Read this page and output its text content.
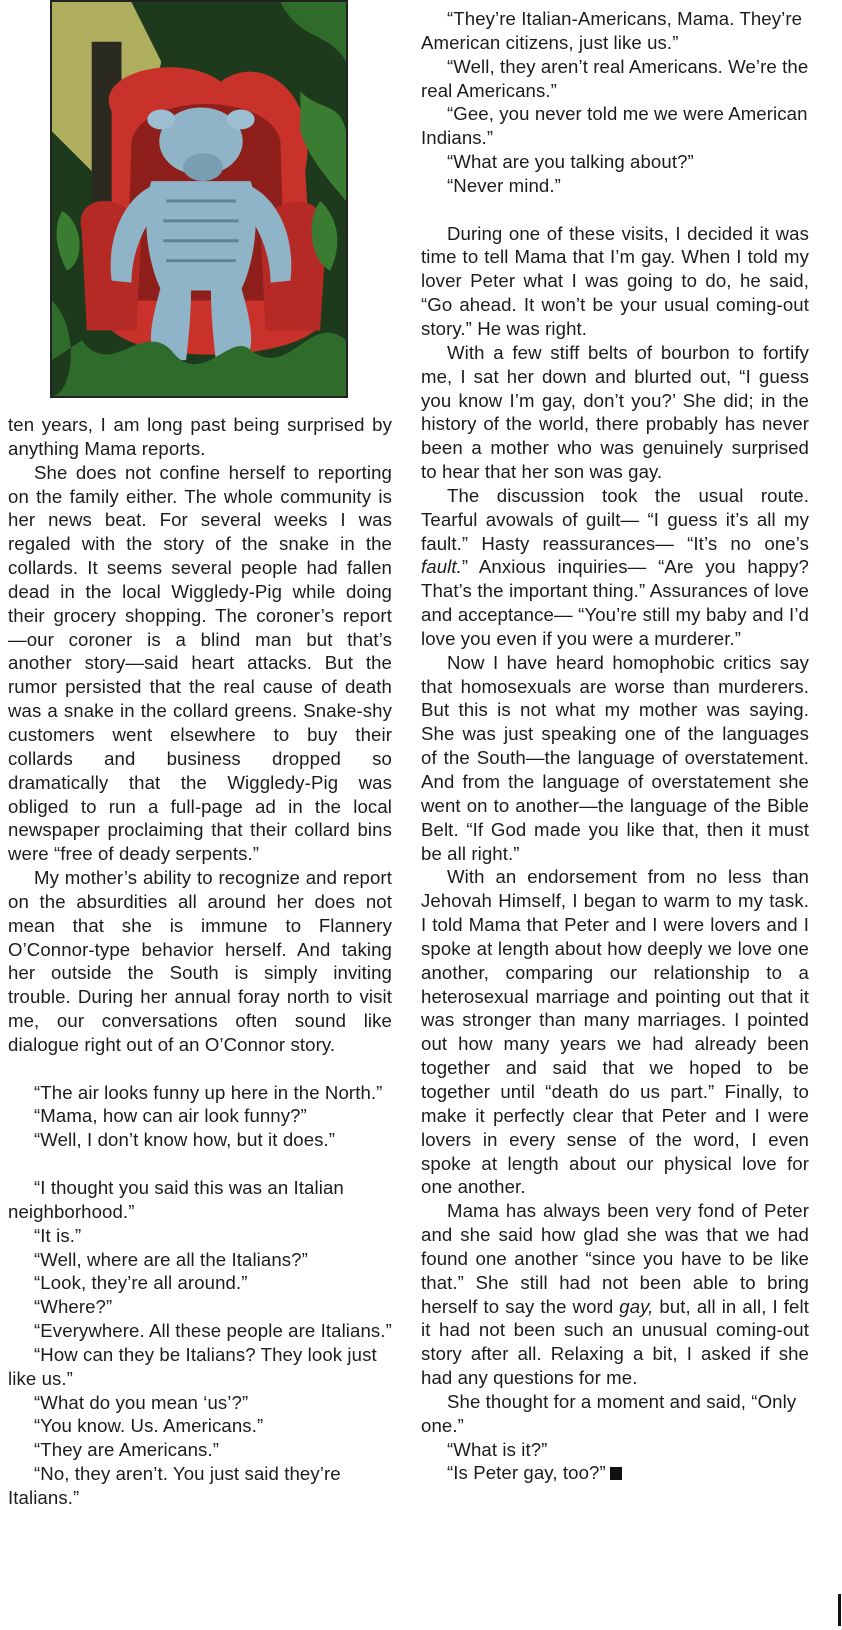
ten years, I am long past being surprised by anything Mama reports.

She does not confine herself to reporting on the family either. The whole community is her news beat. For several weeks I was regaled with the story of the snake in the collards. It seems several people had fallen dead in the local Wiggledy-Pig while doing their grocery shopping. The coroner’s report—our coroner is a blind man but that’s another story—said heart attacks. But the rumor persisted that the real cause of death was a snake in the collard greens. Snake-shy customers went elsewhere to buy their collards and business dropped so dramatically that the Wiggledy-Pig was obliged to run a full-page ad in the local newspaper proclaiming that their collard bins were “free of deady serpents.”

My mother’s ability to recognize and report on the absurdities all around her does not mean that she is immune to Flannery O’Connor-type behavior herself. And taking her outside the South is simply inviting trouble. During her annual foray north to visit me, our conversations often sound like dialogue right out of an O’Connor story.

“The air looks funny up here in the North.”

“Mama, how can air look funny?”

“Well, I don’t know how, but it does.”

“I thought you said this was an Italian neighborhood.”

“It is.”

“Well, where are all the Italians?”

“Look, they’re all around.”

“Where?”

“Everywhere. All these people are Italians.”

“How can they be Italians? They look just like us.”

“What do you mean ‘us’?”

“You know. Us. Americans.”

“They are Americans.”

“No, they aren’t. You just said they’re Italians.”

“They’re Italian-Americans, Mama. They’re American citizens, just like us.”

“Well, they aren’t real Americans. We’re the real Americans.”

“Gee, you never told me we were American Indians.”

“What are you talking about?”

“Never mind.”

During one of these visits, I decided it was time to tell Mama that I’m gay. When I told my lover Peter what I was going to do, he said, “Go ahead. It won’t be your usual coming-out story.” He was right.

With a few stiff belts of bourbon to fortify me, I sat her down and blurted out, “I guess you know I’m gay, don’t you?’ She did; in the history of the world, there probably has never been a mother who was genuinely surprised to hear that her son was gay.

The discussion took the usual route. Tearful avowals of guilt— “I guess it’s all my fault.” Hasty reassurances— “It’s no one’s fault.” Anxious inquiries— “Are you happy? That’s the important thing.” Assurances of love and acceptance— “You’re still my baby and I’d love you even if you were a murderer.”

Now I have heard homophobic critics say that homosexuals are worse than murderers. But this is not what my mother was saying. She was just speaking one of the languages of the South—the language of overstatement. And from the language of overstatement she went on to another—the language of the Bible Belt. “If God made you like that, then it must be all right.”

With an endorsement from no less than Jehovah Himself, I began to warm to my task. I told Mama that Peter and I were lovers and I spoke at length about how deeply we love one another, comparing our relationship to a heterosexual marriage and pointing out that it was stronger than many marriages. I pointed out how many years we had already been together and said that we hoped to be together until “death do us part.” Finally, to make it perfectly clear that Peter and I were lovers in every sense of the word, I even spoke at length about our physical love for one another.

Mama has always been very fond of Peter and she said how glad she was that we had found one another “since you have to be like that.” She still had not been able to bring herself to say the word gay, but, all in all, I felt it had not been such an unusual coming-out story after all. Relaxing a bit, I asked if she had any questions for me.

She thought for a moment and said, “Only one.”

“What is it?”

“Is Peter gay, too?”
